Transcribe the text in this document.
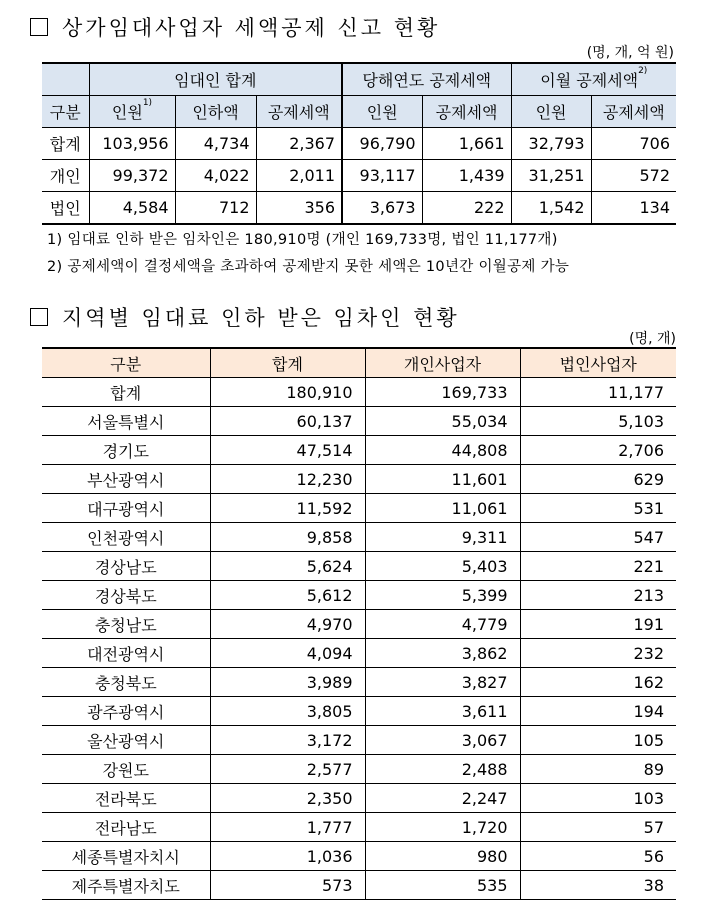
상가임대사업자 세액공제 신고 현황
(명, 개, 억 원)
	임대인 합계			당해연도 공제세액		이월 공제세액$^{2)}$
구분	인원$^{1)}$	인하액	공제세액	인원	공제세액	인원	공제세액
합계	103,956	4,734	2,367	96,790	1,661	32,793	706
개인	99,372	4,022	2,011	93,117	1,439	31,251	572
법인	4,584	712	356	3,673	222	1,542	134
1) 임대료 인하 받은 임차인은 180,910명 (개인 169,733명, 법인 11,177개)
2) 공제세액이 결정세액을 초과하여 공제받지 못한 세액은 10년간 이월공제 가능
지역별 임대료 인하 받은 임차인 현황
(명, 개)
구분	합계	개인사업자	법인사업자
합계	180,910	169,733	11,177
서울특별시	60,137	55,034	5,103
경기도	47,514	44,808	2,706
부산광역시	12,230	11,601	629
대구광역시	11,592	11,061	531
인천광역시	9,858	9,311	547
경상남도	5,624	5,403	221
경상북도	5,612	5,399	213
충청남도	4,970	4,779	191
대전광역시	4,094	3,862	232
충청북도	3,989	3,827	162
광주광역시	3,805	3,611	194
울산광역시	3,172	3,067	105
강원도	2,577	2,488	89
전라북도	2,350	2,247	103
전라남도	1,777	1,720	57
세종특별자치시	1,036	980	56
제주특별자치도	573	535	38
